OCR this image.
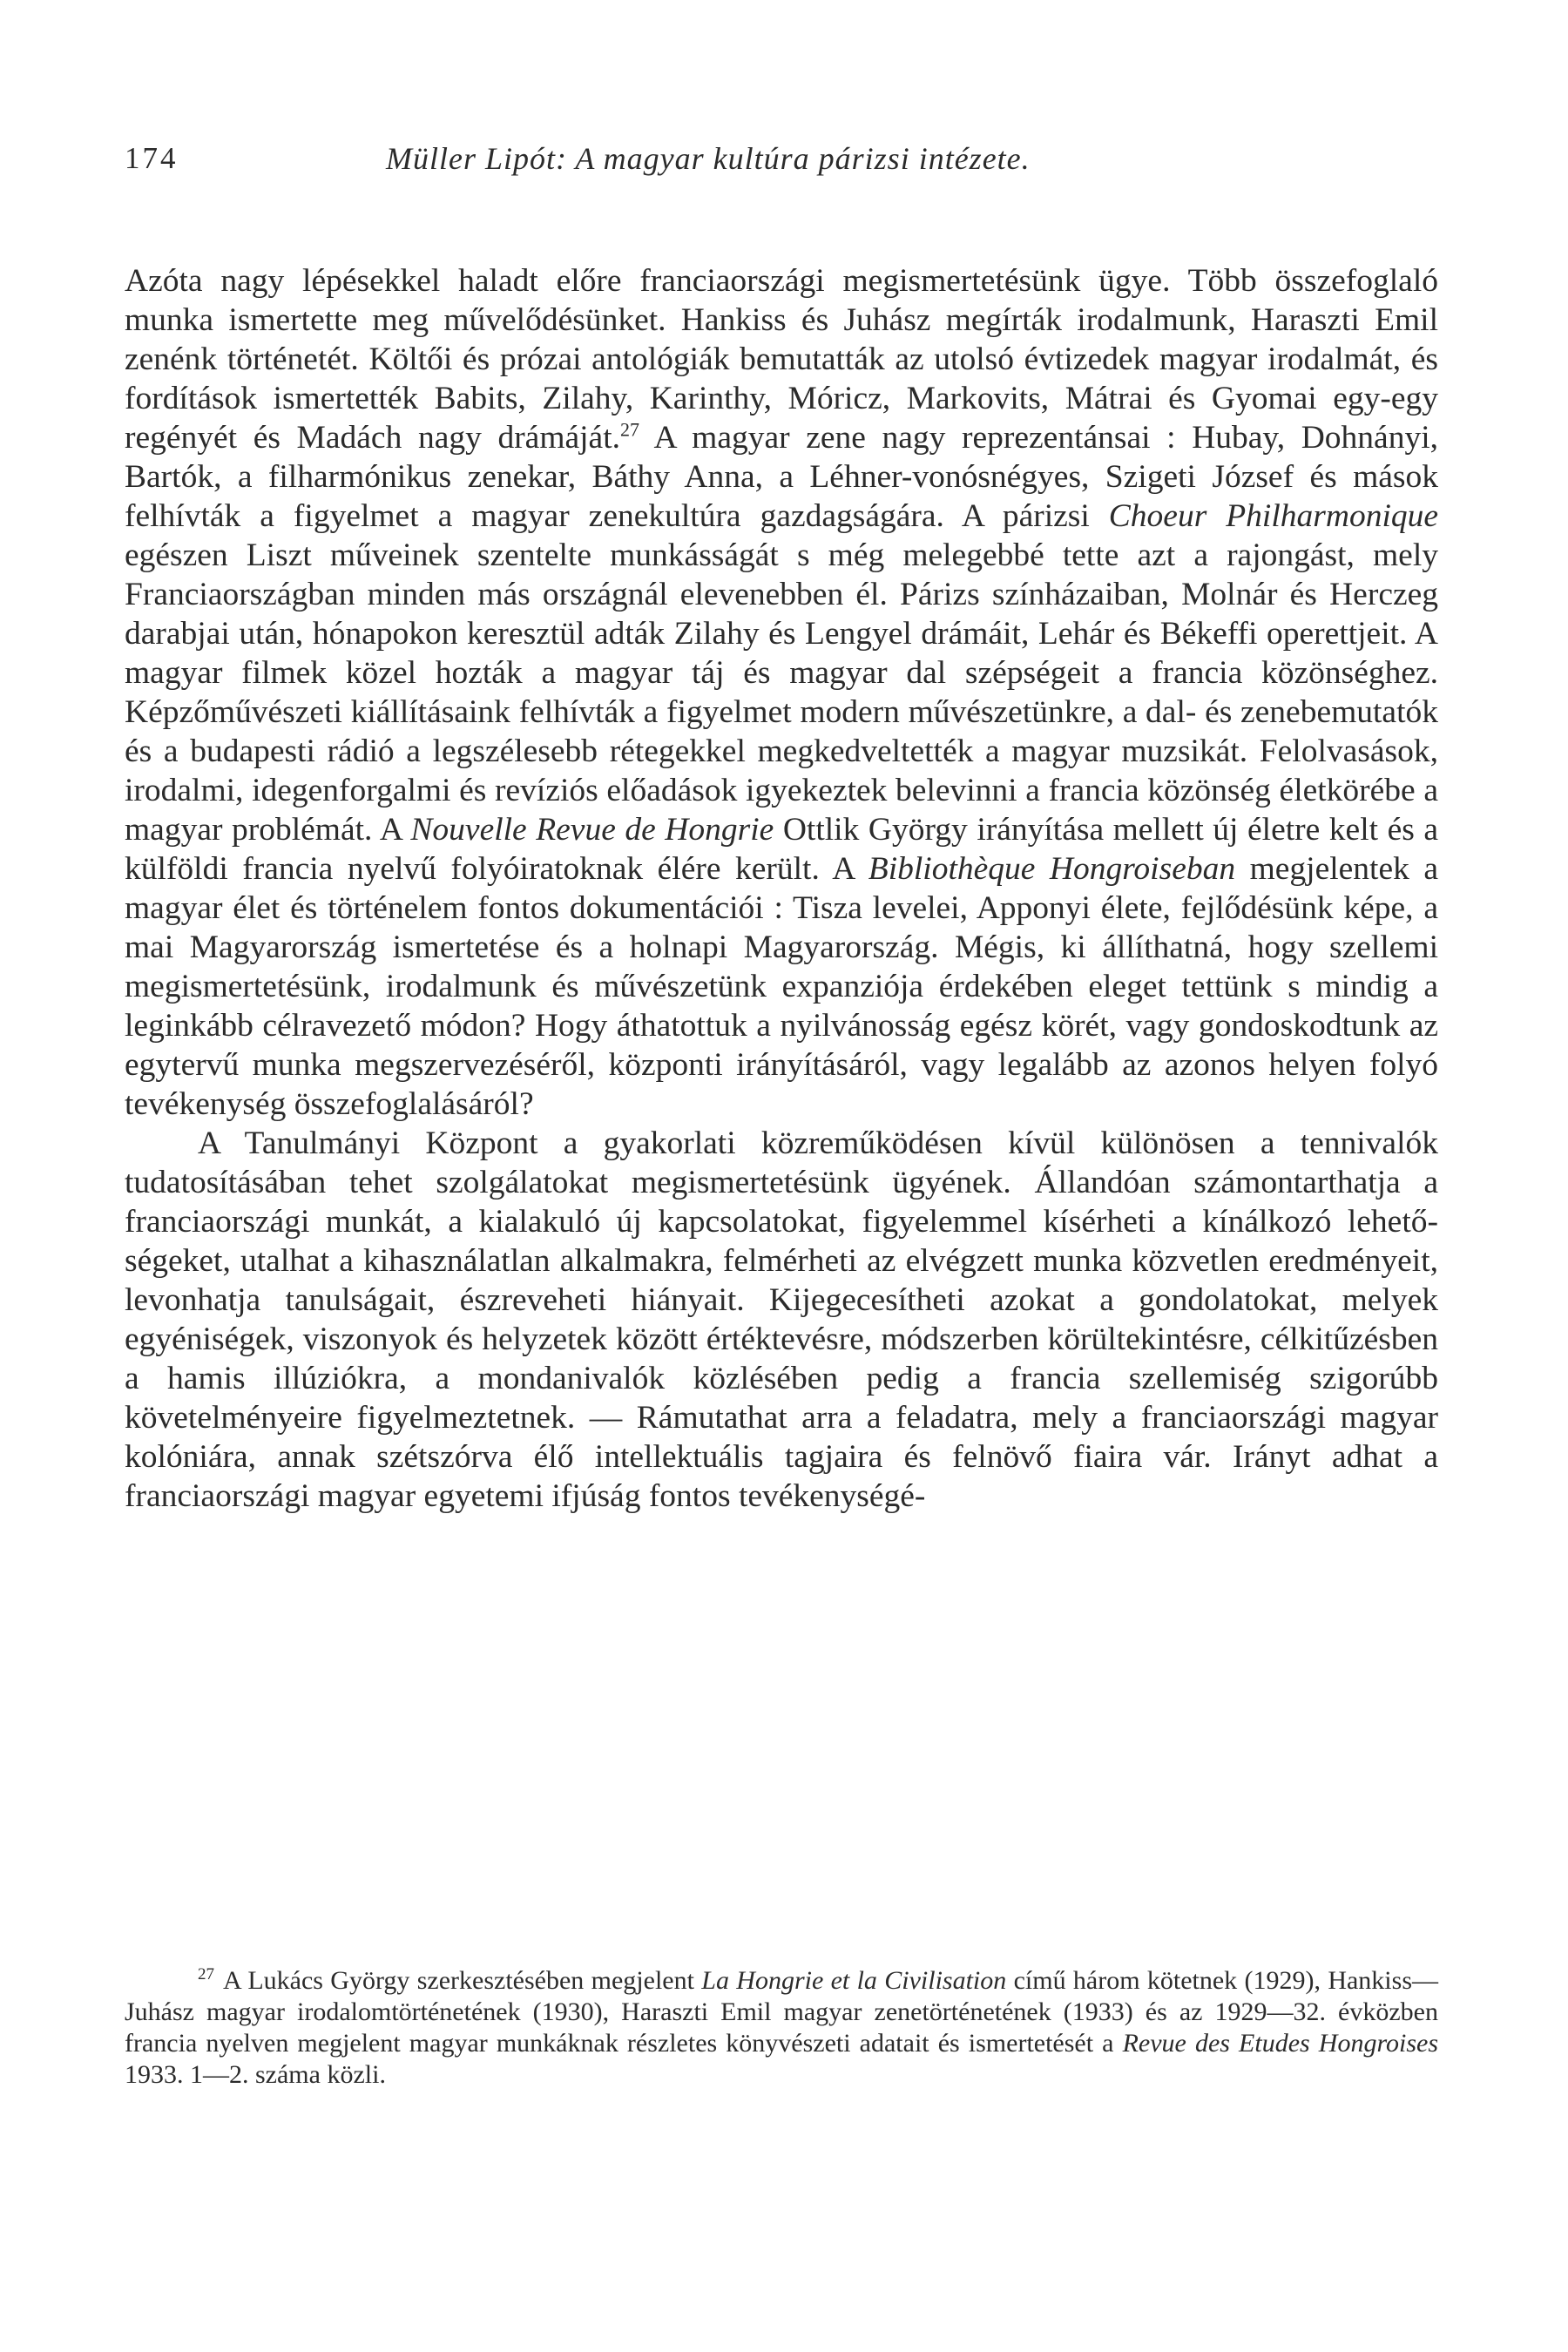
174	Müller Lipót: A magyar kultúra párizsi intézete.

Azóta nagy lépésekkel haladt előre franciaországi megismertetésünk ügye. Több összefoglaló munka ismertette meg művelődésünket. Hankiss és Juhász megírták irodalmunk, Haraszti Emil zenénk történetét. Költői és prózai antológiák bemutatták az utolsó évtizedek magyar irodalmát, és fordítások ismertették Babits, Zilahy, Karinthy, Móricz, Markovits, Mátrai és Gyomai egy-egy regényét és Madách nagy drámáját.$^{27}$ A magyar zene nagy reprezentánsai : Hubay, Dohnányi, Bartók, a filharmónikus zenekar, Báthy Anna, a Léhner-vonósnégyes, Szigeti József és mások felhívták a figyelmet a magyar zenekultúra gazdagságára. A párizsi Choeur Philharmonique egészen Liszt műveinek szentelte munkásságát s még melegebbé tette azt a rajongást, mely Franciaországban minden más országnál elevenebben él. Párizs színházaiban, Molnár és Herczeg darabjai után, hónapokon keresztül adták Zilahy és Lengyel drámáit, Lehár és Békeffi operettjeit. A magyar filmek közel hozták a magyar táj és magyar dal szépségeit a francia közönséghez. Képzőművészeti kiállításaink felhívták a figyelmet modern művészetünkre, a dal- és zenebemutatók és a budapesti rádió a legszélesebb rétegekkel megkedveltették a magyar muzsikát. Felolvasások, irodalmi, idegenforgalmi és revíziós előadások igyekeztek belevinni a francia közönség életkörébe a magyar problémát. A Nouvelle Revue de Hongrie Ottlik György irányítása mellett új életre kelt és a külföldi francia nyelvű folyóiratoknak élére került. A Bibliothèque Hongroiseban megjelentek a magyar élet és történelem fontos dokumentációi : Tisza levelei, Apponyi élete, fejlődésünk képe, a mai Magyarország ismertetése és a holnapi Magyarország. Mégis, ki állíthatná, hogy szellemi megismertetésünk, irodalmunk és művészetünk expanziója érdekében eleget tettünk s mindig a leginkább célravezető módon? Hogy áthatottuk a nyilvánosság egész körét, vagy gondoskodtunk az egytervű munka megszervezéséről, központi irányításáról, vagy legalább az azonos helyen folyó tevékenység összefoglalásáról?

A Tanulmányi Központ a gyakorlati közreműködésen kívül különösen a tennivalók tudatosításában tehet szolgálatokat megismertetésünk ügyének. Állandóan számontarthatja a franciaországi munkát, a kialakuló új kapcsolatokat, figyelemmel kísérheti a kínálkozó lehetőségeket, utalhat a kihasználatlan alkalmakra, felmérheti az elvégzett munka közvetlen eredményeit, levonhatja tanulságait, észreveheti hiányait. Kijegecesítheti azokat a gondolatokat, melyek egyéniségek, viszonyok és helyzetek között értéktevésre, módszerben körültekintésre, célkitűzésben a hamis illúziókra, a mondanivalók közlésében pedig a francia szellemiség szigorúbb követelményeire figyelmeztetnek. — Rámutathat arra a feladatra, mely a franciaországi magyar kolóniára, annak szétszórva élő intellektuális tagjaira és felnövő fiaira vár. Irányt adhat a franciaországi magyar egyetemi ifjúság fontos tevékenységé-

$^{27}$ A Lukács György szerkesztésében megjelent La Hongrie et la Civilisation című három kötetnek (1929), Hankiss—Juhász magyar irodalomtörténetének (1930), Haraszti Emil magyar zenetörténetének (1933) és az 1929—32. évközben francia nyelven megjelent magyar munkáknak részletes könyvészeti adatait és ismertetését a Revue des Etudes Hongroises 1933. 1—2. száma közli.
